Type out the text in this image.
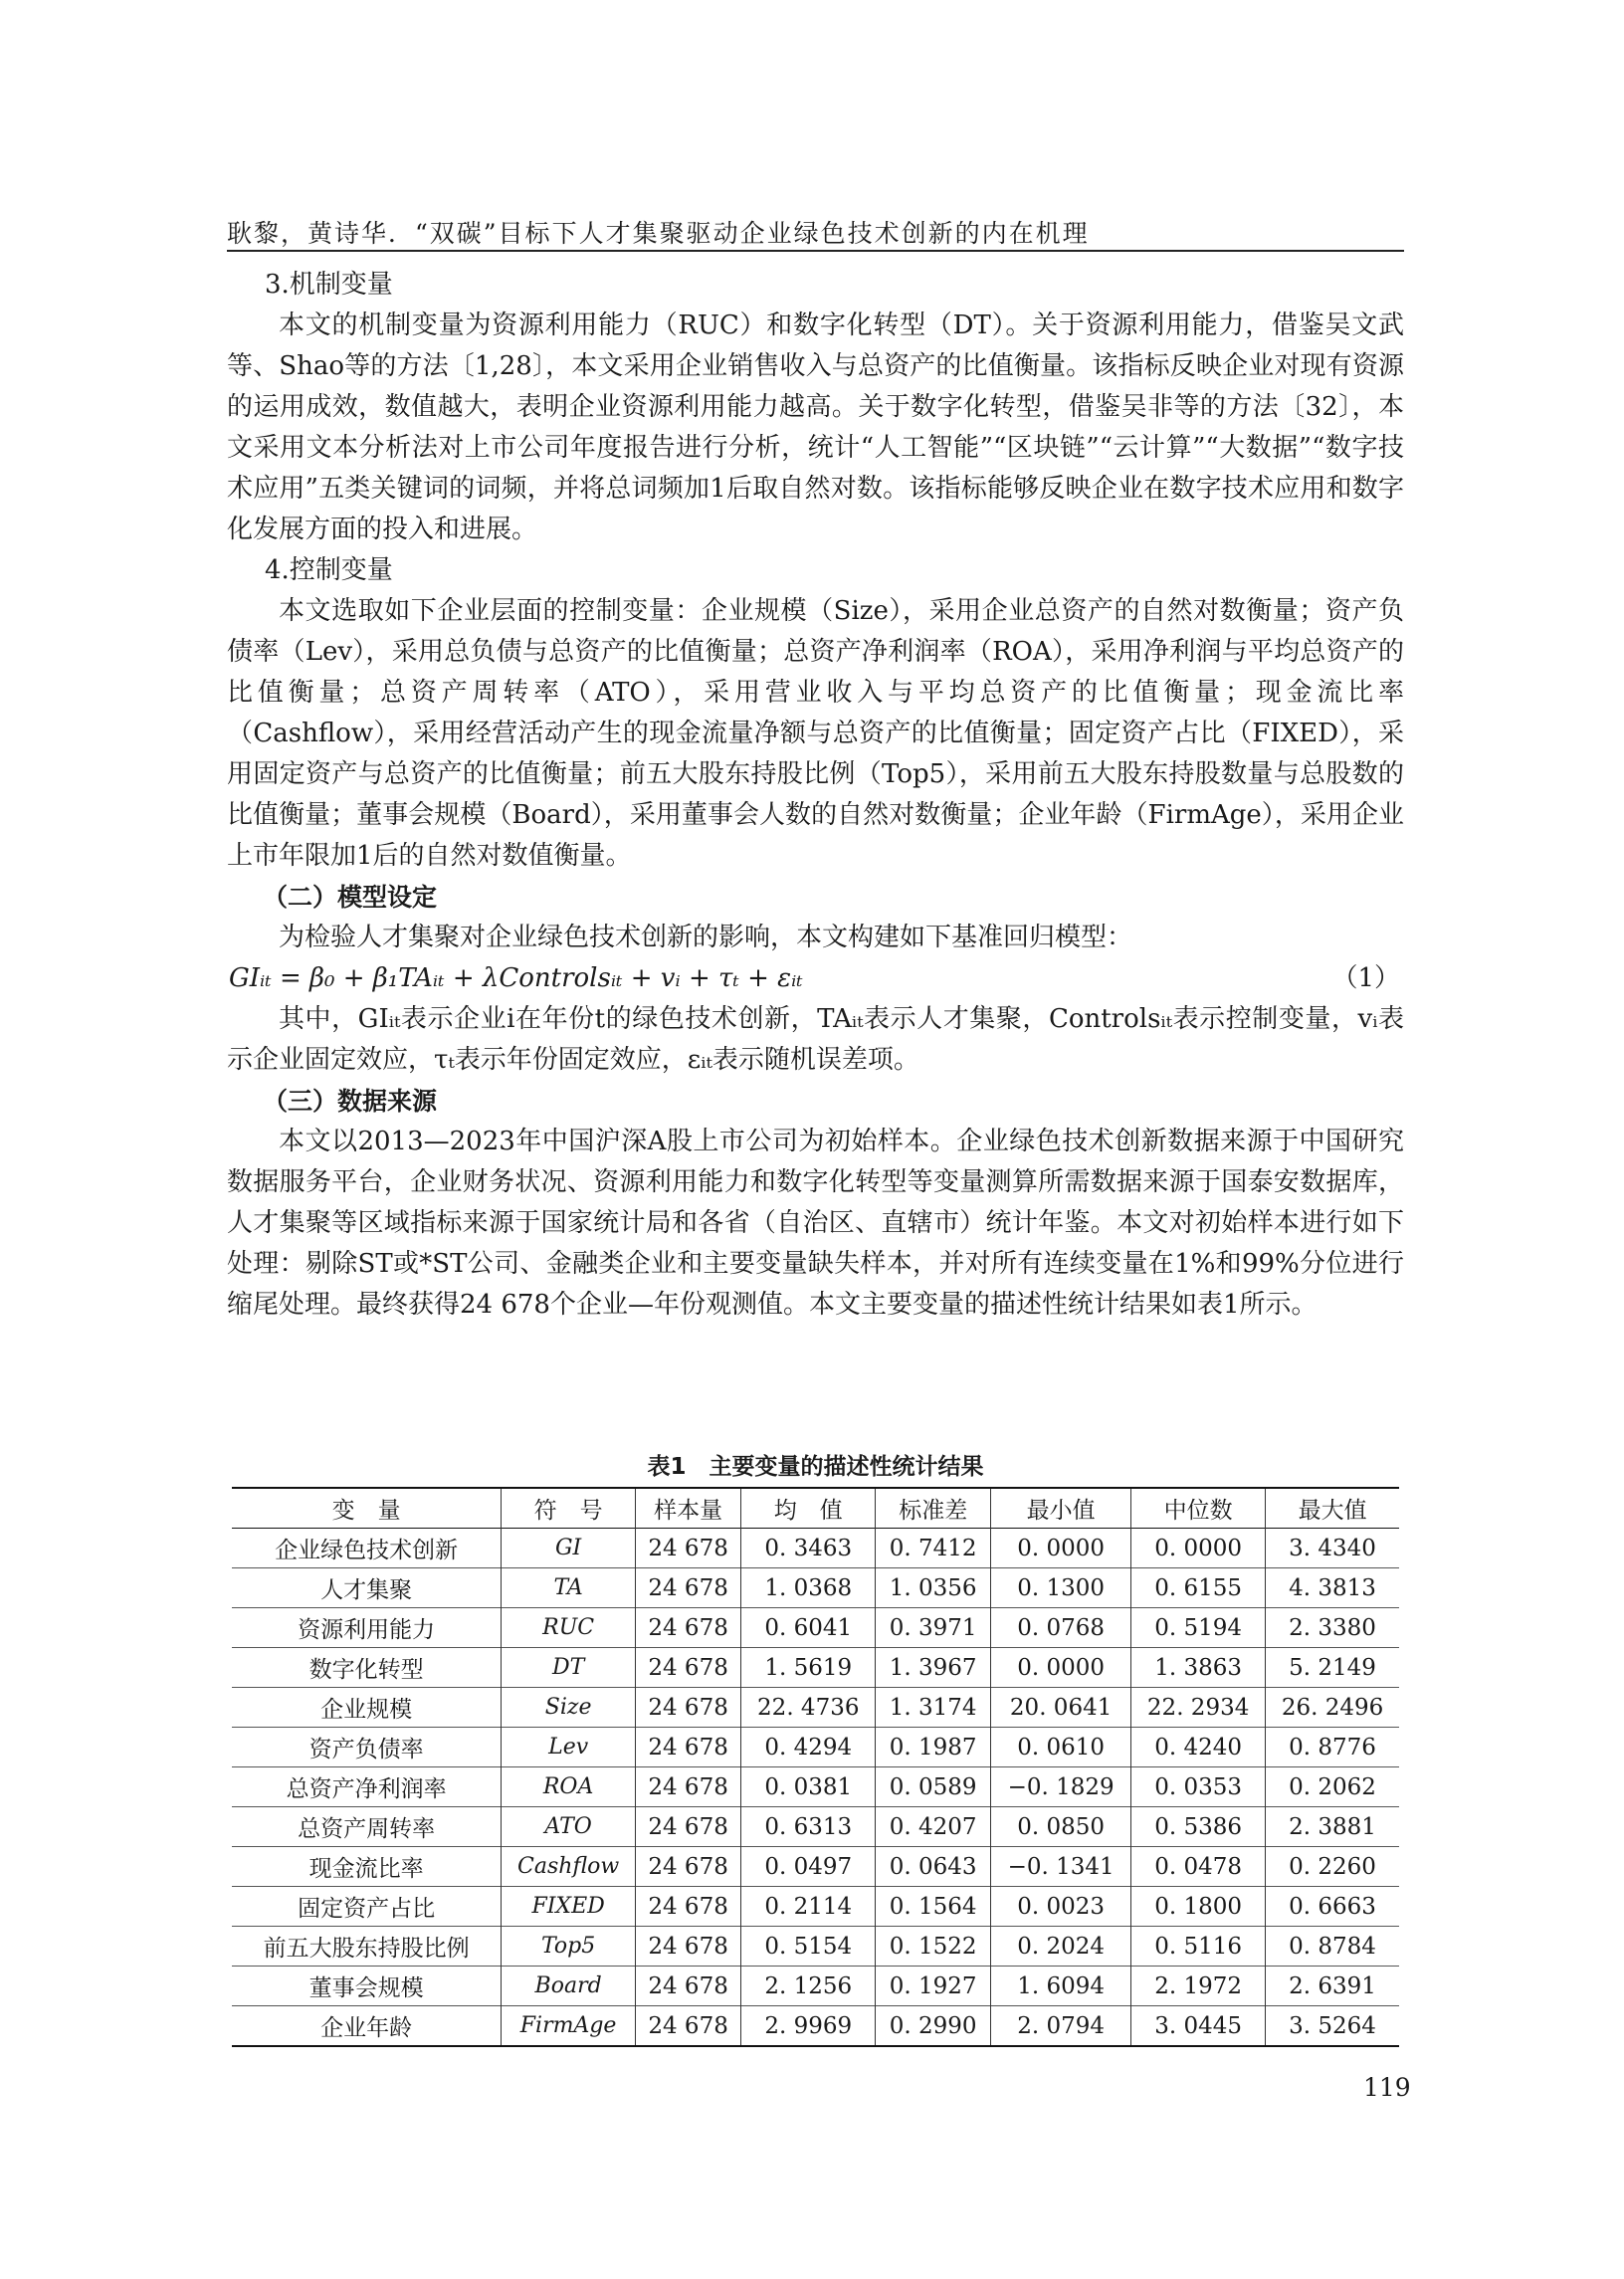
耿黎，黄诗华．“双碳”目标下人才集聚驱动企业绿色技术创新的内在机理

3.机制变量

本文的机制变量为资源利用能力（RUC）和数字化转型（DT）。关于资源利用能力，借鉴吴文武等、Shao等的方法〔1,28〕，本文采用企业销售收入与总资产的比值衡量。该指标反映企业对现有资源的运用成效，数值越大，表明企业资源利用能力越高。关于数字化转型，借鉴吴非等的方法〔32〕，本文采用文本分析法对上市公司年度报告进行分析，统计“人工智能”“区块链”“云计算”“大数据”“数字技术应用”五类关键词的词频，并将总词频加1后取自然对数。该指标能够反映企业在数字技术应用和数字化发展方面的投入和进展。

4.控制变量

本文选取如下企业层面的控制变量：企业规模（Size），采用企业总资产的自然对数衡量；资产负债率（Lev），采用总负债与总资产的比值衡量；总资产净利润率（ROA），采用净利润与平均总资产的比值衡量；总资产周转率（ATO），采用营业收入与平均总资产的比值衡量；现金流比率（Cashflow），采用经营活动产生的现金流量净额与总资产的比值衡量；固定资产占比（FIXED），采用固定资产与总资产的比值衡量；前五大股东持股比例（Top5），采用前五大股东持股数量与总股数的比值衡量；董事会规模（Board），采用董事会人数的自然对数衡量；企业年龄（FirmAge），采用企业上市年限加1后的自然对数值衡量。

（二）模型设定

为检验人才集聚对企业绿色技术创新的影响，本文构建如下基准回归模型：

GIᵢₜ = β₀ + β₁TAᵢₜ + λControlsᵢₜ + vᵢ + τₜ + εᵢₜ	（1）

其中，GIᵢₜ表示企业i在年份t的绿色技术创新，TAᵢₜ表示人才集聚，Controlsᵢₜ表示控制变量，vᵢ表示企业固定效应，τₜ表示年份固定效应，εᵢₜ表示随机误差项。

（三）数据来源

本文以2013—2023年中国沪深A股上市公司为初始样本。企业绿色技术创新数据来源于中国研究数据服务平台，企业财务状况、资源利用能力和数字化转型等变量测算所需数据来源于国泰安数据库，人才集聚等区域指标来源于国家统计局和各省（自治区、直辖市）统计年鉴。本文对初始样本进行如下处理：剔除ST或*ST公司、金融类企业和主要变量缺失样本，并对所有连续变量在1%和99%分位进行缩尾处理。最终获得24 678个企业—年份观测值。本文主要变量的描述性统计结果如表1所示。

表1　主要变量的描述性统计结果
变　量	符　号	样本量	均　值	标准差	最小值	中位数	最大值
企业绿色技术创新	GI	24 678	0. 3463	0. 7412	0. 0000	0. 0000	3. 4340
人才集聚	TA	24 678	1. 0368	1. 0356	0. 1300	0. 6155	4. 3813
资源利用能力	RUC	24 678	0. 6041	0. 3971	0. 0768	0. 5194	2. 3380
数字化转型	DT	24 678	1. 5619	1. 3967	0. 0000	1. 3863	5. 2149
企业规模	Size	24 678	22. 4736	1. 3174	20. 0641	22. 2934	26. 2496
资产负债率	Lev	24 678	0. 4294	0. 1987	0. 0610	0. 4240	0. 8776
总资产净利润率	ROA	24 678	0. 0381	0. 0589	−0. 1829	0. 0353	0. 2062
总资产周转率	ATO	24 678	0. 6313	0. 4207	0. 0850	0. 5386	2. 3881
现金流比率	Cashflow	24 678	0. 0497	0. 0643	−0. 1341	0. 0478	0. 2260
固定资产占比	FIXED	24 678	0. 2114	0. 1564	0. 0023	0. 1800	0. 6663
前五大股东持股比例	Top5	24 678	0. 5154	0. 1522	0. 2024	0. 5116	0. 8784
董事会规模	Board	24 678	2. 1256	0. 1927	1. 6094	2. 1972	2. 6391
企业年龄	FirmAge	24 678	2. 9969	0. 2990	2. 0794	3. 0445	3. 5264
119
